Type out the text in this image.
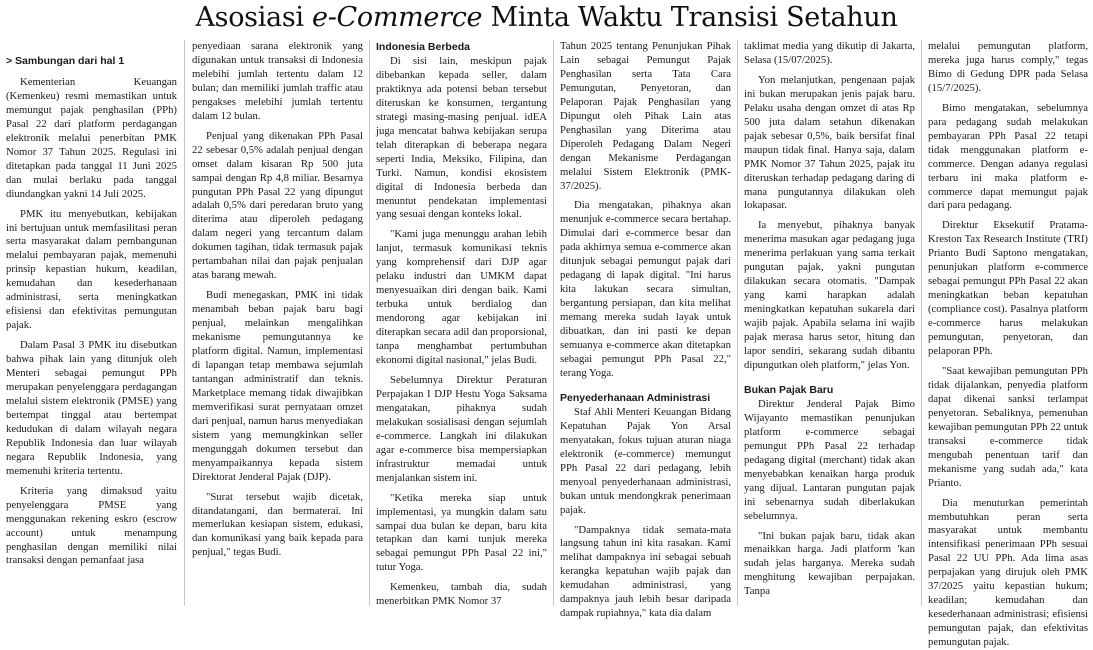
Asosiasi e-Commerce Minta Waktu Transisi Setahun

> Sambungan dari hal 1

Kementerian Keuangan (Kemenkeu) resmi memastikan untuk memungut pajak penghasilan (PPh) Pasal 22 dari platform perdagangan elektronik melalui penerbitan PMK Nomor 37 Tahun 2025. Regulasi ini ditetapkan pada tanggal 11 Juni 2025 dan mulai berlaku pada tanggal diundangkan yakni 14 Juli 2025.

PMK itu menyebutkan, kebijakan ini bertujuan untuk memfasilitasi peran serta masyarakat dalam pembangunan melalui pembayaran pajak, memenuhi prinsip kepastian hukum, keadilan, kemudahan dan kesederhanaan administrasi, serta meningkatkan efisiensi dan efektivitas pemungutan pajak.

Dalam Pasal 3 PMK itu disebutkan bahwa pihak lain yang ditunjuk oleh Menteri sebagai pemungut PPh merupakan penyelenggara perdagangan melalui sistem elektronik (PMSE) yang bertempat tinggal atau bertempat kedudukan di dalam wilayah negara Republik Indonesia dan luar wilayah negara Republik Indonesia, yang memenuhi kriteria tertentu.

Kriteria yang dimaksud yaitu penyelenggara PMSE yang menggunakan rekening eskro (escrow account) untuk menampung penghasilan dengan memiliki nilai transaksi dengan pemanfaat jasa

penyediaan sarana elektronik yang digunakan untuk transaksi di Indonesia melebihi jumlah tertentu dalam 12 bulan; dan memiliki jumlah traffic atau pengakses melebihi jumlah tertentu dalam 12 bulan.

Penjual yang dikenakan PPh Pasal 22 sebesar 0,5% adalah penjual dengan omset dalam kisaran Rp 500 juta sampai dengan Rp 4,8 miliar. Besarnya pungutan PPh Pasal 22 yang dipungut adalah 0,5% dari peredaran bruto yang diterima atau diperoleh pedagang dalam negeri yang tercantum dalam dokumen tagihan, tidak termasuk pajak pertambahan nilai dan pajak penjualan atas barang mewah.

Budi menegaskan, PMK ini tidak menambah beban pajak baru bagi penjual, melainkan mengalihkan mekanisme pemungutannya ke platform digital. Namun, implementasi di lapangan tetap membawa sejumlah tantangan administratif dan teknis. Marketplace memang tidak diwajibkan memverifikasi surat pernyataan omzet dari penjual, namun harus menyediakan sistem yang memungkinkan seller mengunggah dokumen tersebut dan menyampaikannya kepada sistem Direktorat Jenderal Pajak (DJP).

"Surat tersebut wajib dicetak, ditandatangani, dan bermaterai. Ini memerlukan kesiapan sistem, edukasi, dan komunikasi yang baik kepada para penjual," tegas Budi.

Indonesia Berbeda

Di sisi lain, meskipun pajak dibebankan kepada seller, dalam praktiknya ada potensi beban tersebut diteruskan ke konsumen, tergantung strategi masing-masing penjual. idEA juga mencatat bahwa kebijakan serupa telah diterapkan di beberapa negara seperti India, Meksiko, Filipina, dan Turki. Namun, kondisi ekosistem digital di Indonesia berbeda dan menuntut pendekatan implementasi yang sesuai dengan konteks lokal.

"Kami juga menunggu arahan lebih lanjut, termasuk komunikasi teknis yang komprehensif dari DJP agar pelaku industri dan UMKM dapat menyesuaikan diri dengan baik. Kami terbuka untuk berdialog dan mendorong agar kebijakan ini diterapkan secara adil dan proporsional, tanpa menghambat pertumbuhan ekonomi digital nasional," jelas Budi.

Sebelumnya Direktur Peraturan Perpajakan I DJP Hestu Yoga Saksama mengatakan, pihaknya sudah melakukan sosialisasi dengan sejumlah e-commerce. Langkah ini dilakukan agar e-commerce bisa mempersiapkan infrastruktur memadai untuk menjalankan sistem ini.

"Ketika mereka siap untuk implementasi, ya mungkin dalam satu sampai dua bulan ke depan, baru kita tetapkan dan kami tunjuk mereka sebagai pemungut PPh Pasal 22 ini," tutur Yoga.

Kemenkeu, tambah dia, sudah menerbitkan PMK Nomor 37

Tahun 2025 tentang Penunjukan Pihak Lain sebagai Pemungut Pajak Penghasilan serta Tata Cara Pemungutan, Penyetoran, dan Pelaporan Pajak Penghasilan yang Dipungut oleh Pihak Lain atas Penghasilan yang Diterima atau Diperoleh Pedagang Dalam Negeri dengan Mekanisme Perdagangan melalui Sistem Elektronik (PMK-37/2025).

Dia mengatakan, pihaknya akan menunjuk e-commerce secara bertahap. Dimulai dari e-commerce besar dan pada akhirnya semua e-commerce akan ditunjuk sebagai pemungut pajak dari pedagang di lapak digital. "Ini harus kita lakukan secara simultan, bergantung persiapan, dan kita melihat memang mereka sudah layak untuk dibuatkan, dan ini pasti ke depan semuanya e-commerce akan ditetapkan sebagai pemungut PPh Pasal 22," terang Yoga.

Penyederhanaan Administrasi

Staf Ahli Menteri Keuangan Bidang Kepatuhan Pajak Yon Arsal menyatakan, fokus tujuan aturan niaga elektronik (e-commerce) memungut PPh Pasal 22 dari pedagang, lebih menyoal penyederhanaan administrasi, bukan untuk mendongkrak penerimaan pajak.

"Dampaknya tidak semata-mata langsung tahun ini kita rasakan. Kami melihat dampaknya ini sebagai sebuah kerangka kepatuhan wajib pajak dan kemudahan administrasi, yang dampaknya jauh lebih besar daripada dampak rupiahnya," kata dia dalam

taklimat media yang dikutip di Jakarta, Selasa (15/07/2025).

Yon melanjutkan, pengenaan pajak ini bukan merupakan jenis pajak baru. Pelaku usaha dengan omzet di atas Rp 500 juta dalam setahun dikenakan pajak sebesar 0,5%, baik bersifat final maupun tidak final. Hanya saja, dalam PMK Nomor 37 Tahun 2025, pajak itu diteruskan terhadap pedagang daring di mana pungutannya dilakukan oleh lokapasar.

Ia menyebut, pihaknya banyak menerima masukan agar pedagang juga menerima perlakuan yang sama terkait pungutan pajak, yakni pungutan dilakukan secara otomatis. "Dampak yang kami harapkan adalah meningkatkan kepatuhan sukarela dari wajib pajak. Apabila selama ini wajib pajak merasa harus setor, hitung dan lapor sendiri, sekarang sudah dibantu dipungutkan oleh platform," jelas Yon.

Bukan Pajak Baru

Direktur Jenderal Pajak Bimo Wijayanto memastikan penunjukan platform e-commerce sebagai pemungut PPh Pasal 22 terhadap pedagang digital (merchant) tidak akan menyebabkan kenaikan harga produk yang dijual. Lantaran pungutan pajak ini sebenarnya sudah diberlakukan sebelumnya.

"Ini bukan pajak baru, tidak akan menaikkan harga. Jadi platform 'kan sudah jelas harganya. Mereka sudah menghitung kewajiban perpajakan. Tanpa

melalui pemungutan platform, mereka juga harus comply," tegas Bimo di Gedung DPR pada Selasa (15/7/2025).

Bimo mengatakan, sebelumnya para pedagang sudah melakukan pembayaran PPh Pasal 22 tetapi tidak menggunakan platform e-commerce. Dengan adanya regulasi terbaru ini maka platform e-commerce dapat memungut pajak dari para pedagang.

Direktur Eksekutif Pratama-Kreston Tax Research Institute (TRI) Prianto Budi Saptono mengatakan, penunjukan platform e-commerce sebagai pemungut PPh Pasal 22 akan meningkatkan beban kepatuhan (compliance cost). Pasalnya platform e-commerce harus melakukan pemungutan, penyetoran, dan pelaporan PPh.

"Saat kewajiban pemungutan PPh tidak dijalankan, penyedia platform dapat dikenai sanksi terlampat penyetoran. Sebaliknya, pemenuhan kewajiban pemungutan PPh 22 untuk transaksi e-commerce tidak mengubah penentuan tarif dan mekanisme yang sudah ada," kata Prianto.

Dia menuturkan pemerintah membutuhkan peran serta masyarakat untuk membantu intensifikasi penerimaan PPh sesuai Pasal 22 UU PPh. Ada lima asas perpajakan yang dirujuk oleh PMK 37/2025 yaitu kepastian hukum; keadilan; kemudahan dan kesederhanaan administrasi; efisiensi pemungutan pajak, dan efektivitas pemungutan pajak.
